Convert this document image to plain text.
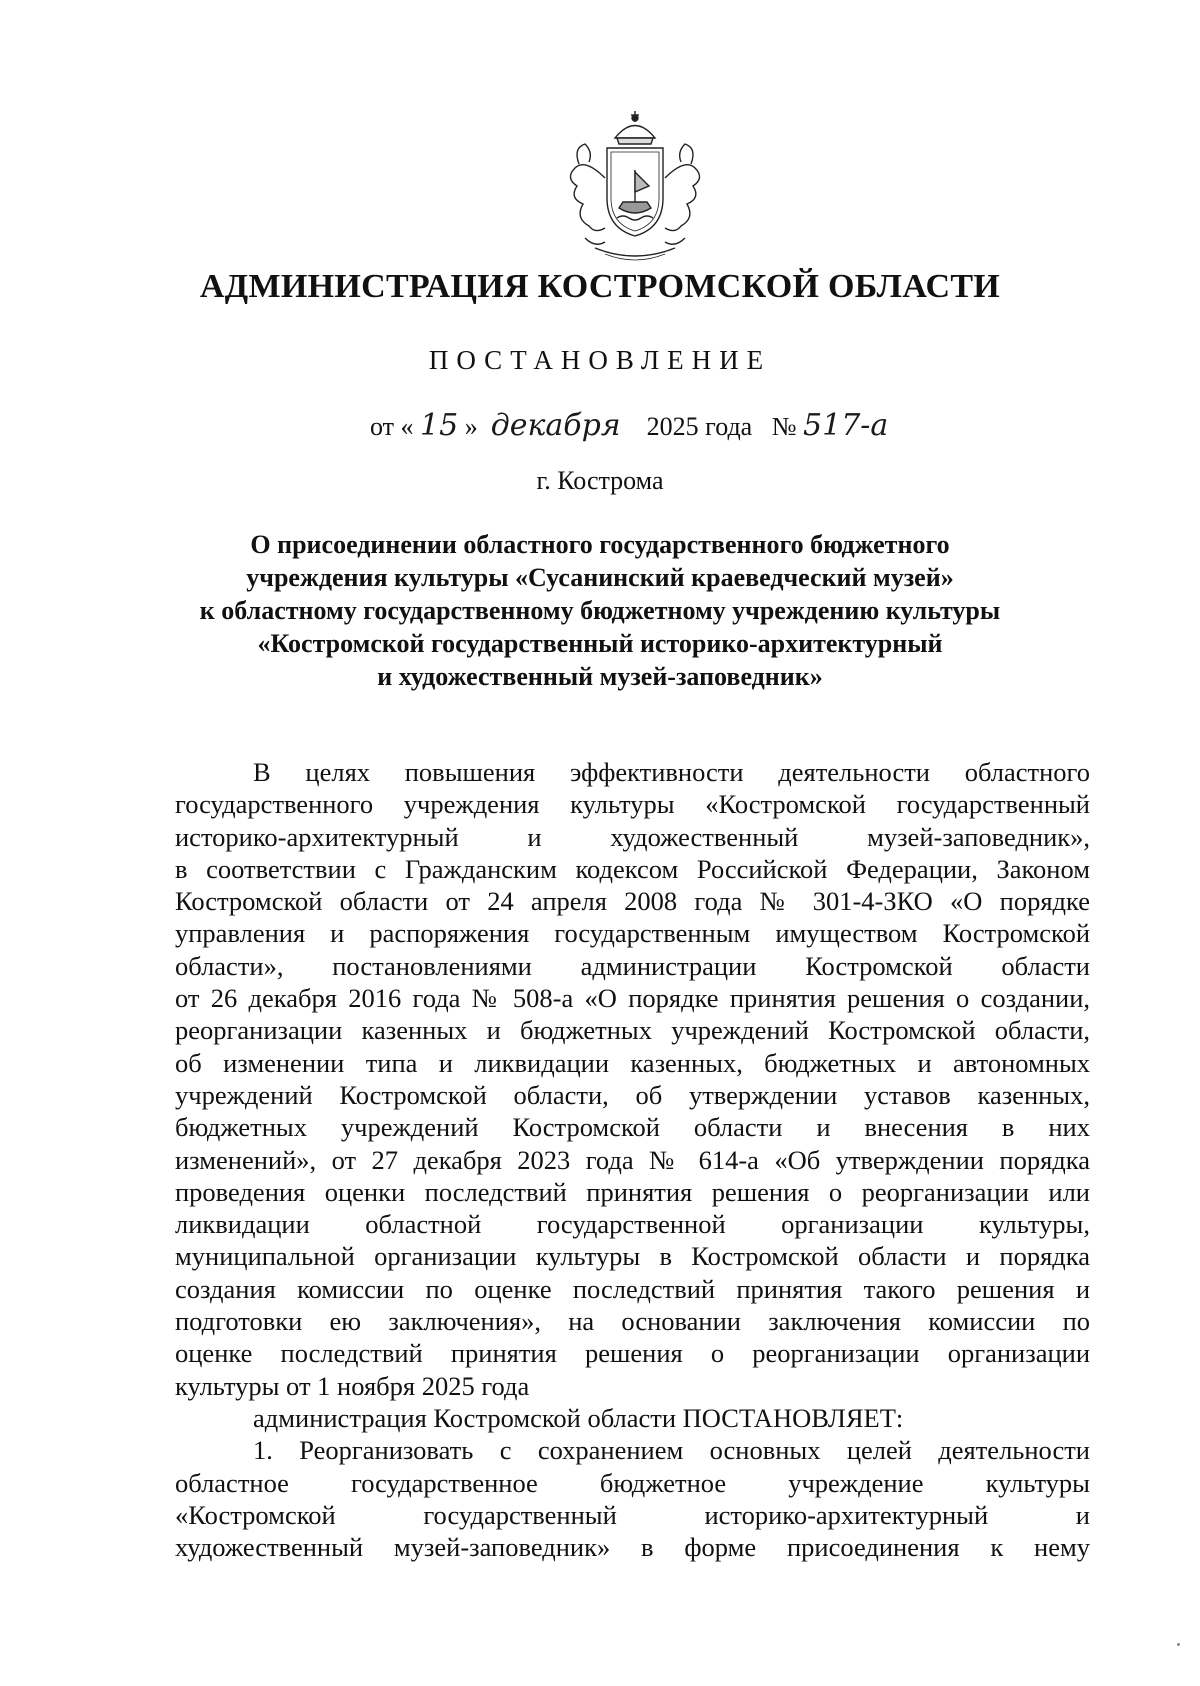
АДМИНИСТРАЦИЯ КОСТРОМСКОЙ ОБЛАСТИ
ПОСТАНОВЛЕНИЕ
от « 15 » декабря 2025 года № 517-а
г. Кострома
О присоединении областного государственного бюджетного
учреждения культуры «Сусанинский краеведческий музей»
к областному государственному бюджетному учреждению культуры
«Костромской государственный историко-архитектурный
и художественный музей-заповедник»
В целях повышения эффективности деятельности областного
государственного учреждения культуры «Костромской государственный
историко-архитектурный и художественный музей-заповедник»,
в соответствии с Гражданским кодексом Российской Федерации, Законом
Костромской области от 24 апреля 2008 года № 301-4-ЗКО «О порядке
управления и распоряжения государственным имуществом Костромской
области», постановлениями администрации Костромской области
от 26 декабря 2016 года № 508-а «О порядке принятия решения о создании,
реорганизации казенных и бюджетных учреждений Костромской области,
об изменении типа и ликвидации казенных, бюджетных и автономных
учреждений Костромской области, об утверждении уставов казенных,
бюджетных учреждений Костромской области и внесения в них
изменений», от 27 декабря 2023 года № 614-а «Об утверждении порядка
проведения оценки последствий принятия решения о реорганизации или
ликвидации областной государственной организации культуры,
муниципальной организации культуры в Костромской области и порядка
создания комиссии по оценке последствий принятия такого решения и
подготовки ею заключения», на основании заключения комиссии по
оценке последствий принятия решения о реорганизации организации
культуры от 1 ноября 2025 года
администрация Костромской области ПОСТАНОВЛЯЕТ:
1. Реорганизовать с сохранением основных целей деятельности
областное государственное бюджетное учреждение культуры
«Костромской государственный историко-архитектурный и
художественный музей-заповедник» в форме присоединения к нему
